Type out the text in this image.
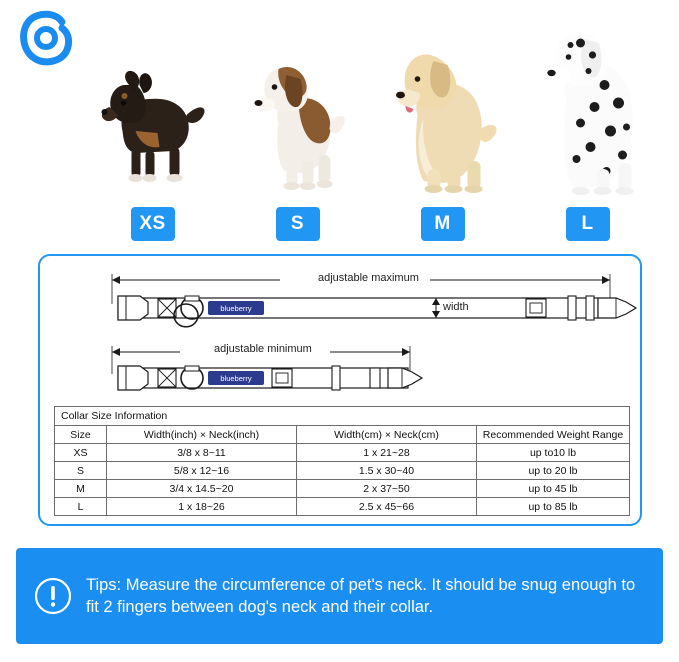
XS	S	M	L
blueberry
blueberry
adjustable maximum
adjustable minimum
width
Collar Size Information			
Size	Width(inch) × Neck(inch)	Width(cm) × Neck(cm)	Recommended Weight Range
XS	3/8 x 8~11	1 x 21~28	up to10 lb
S	5/8 x 12~16	1.5 x 30~40	up to 20 lb
M	3/4 x 14.5~20	2 x 37~50	up to 45 lb
L	1 x 18~26	2.5 x 45~66	up to 85 lb
Tips: Measure the circumference of pet's neck. It should be snug enough to fit 2 fingers between dog's neck and their collar.
